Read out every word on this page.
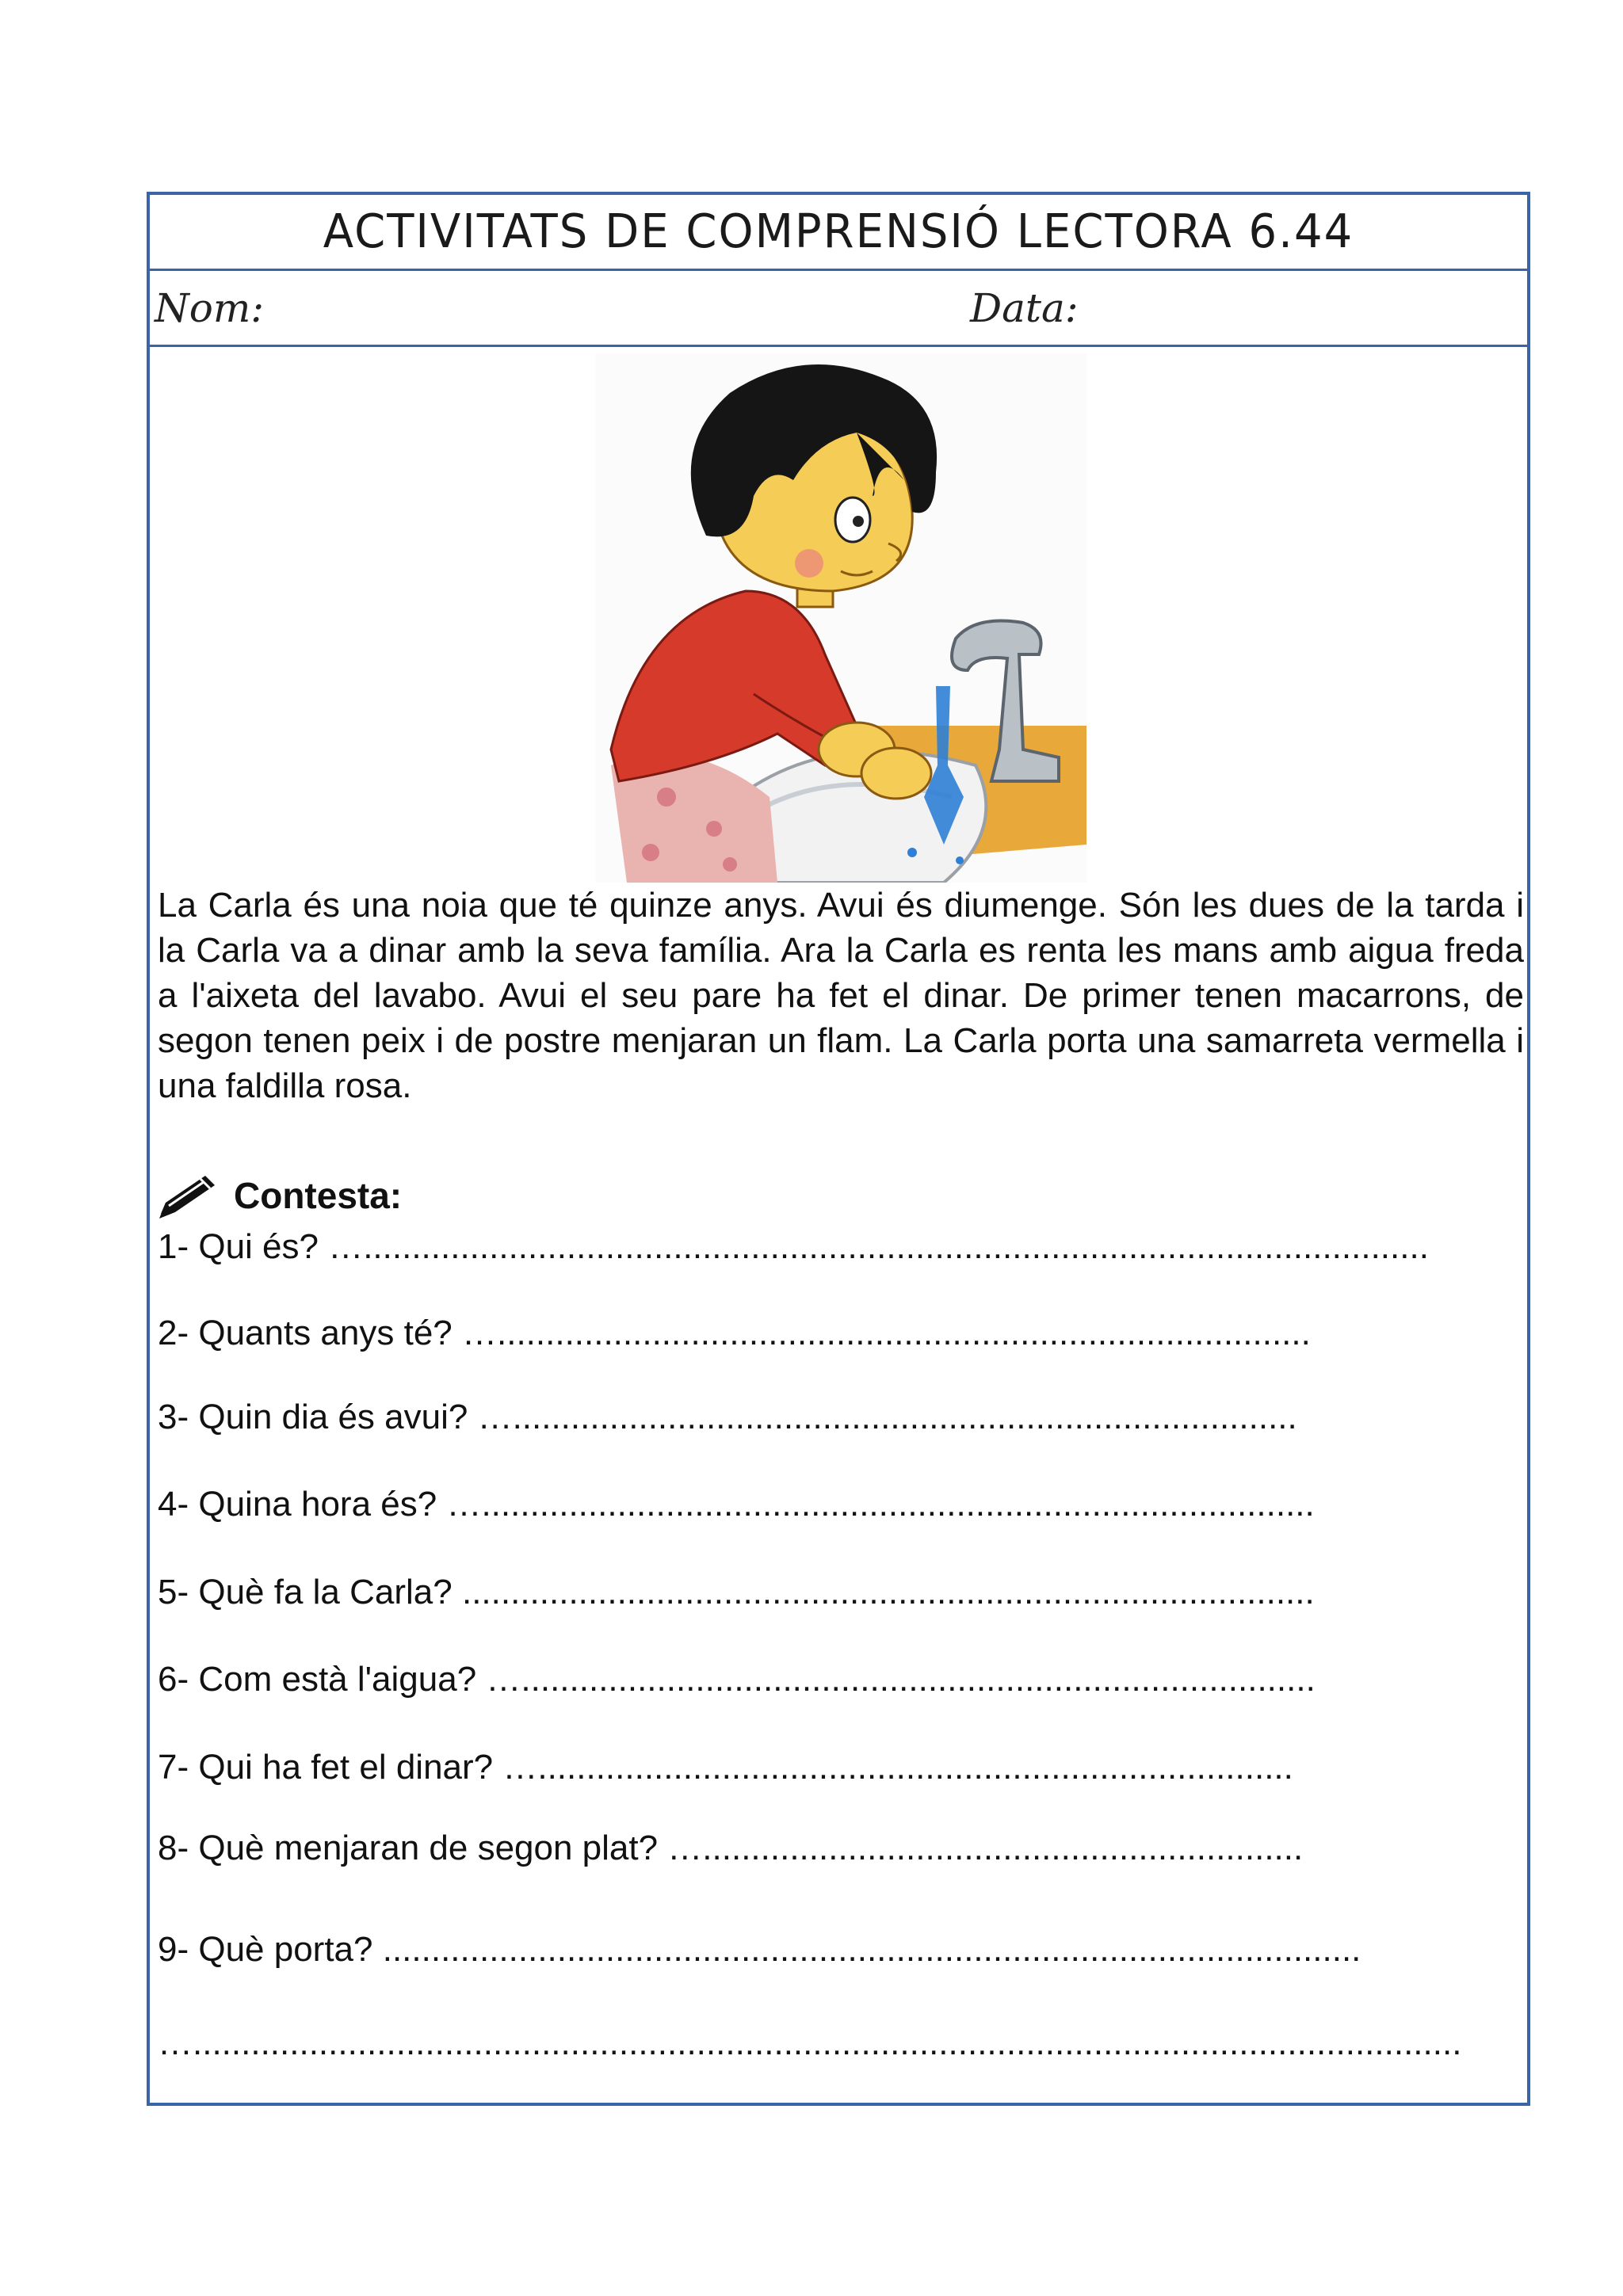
ACTIVITATS DE COMPRENSIÓ LECTORA 6.44
Nom:	Data:

La Carla és una noia que té quinze anys. Avui és diumenge. Són les dues de la tarda i la Carla va a dinar amb la seva família. Ara la Carla es renta les mans amb aigua freda a l'aixeta del lavabo. Avui el seu pare ha fet el dinar. De primer tenen macarrons, de segon tenen peix i de postre menjaran un flam. La Carla porta una samarreta vermella i una faldilla rosa.

Contesta:
1- Qui és? …..............................................................................................................
2- Quants anys té? …....................................................................................
3- Quin dia és avui? ….................................................................................
4- Quina hora és? …......................................................................................
5- Què fa la Carla? ........................................................................................
6- Com està l'aigua? …..................................................................................
7- Qui ha fet el dinar? …..............................................................................
8- Què menjaran de segon plat? …..............................................................
9- Què porta? .....................................................................................................
…...................................................................................................................................
